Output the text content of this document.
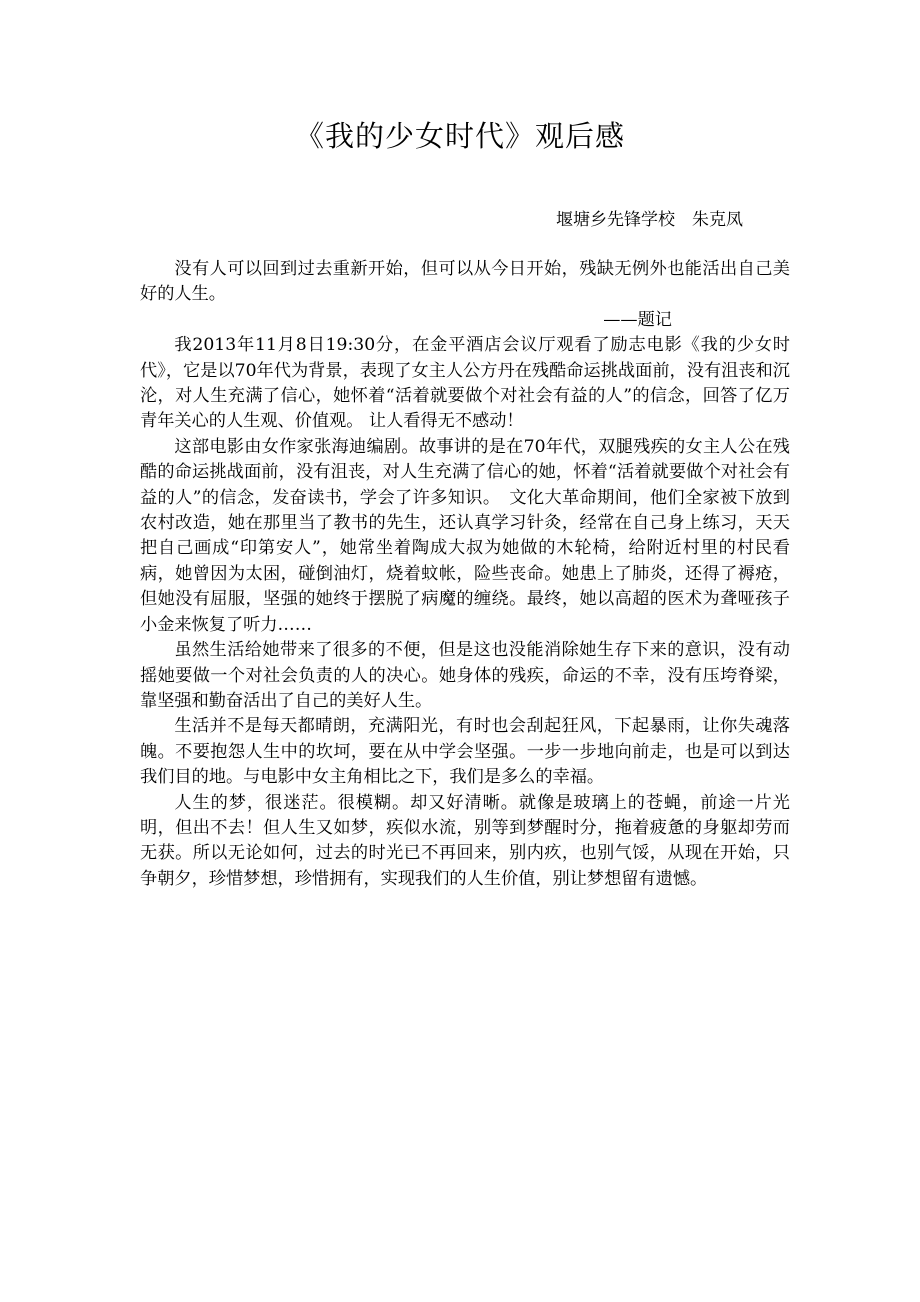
《我的少女时代》观后感
堰塘乡先锋学校　朱克凤

没有人可以回到过去重新开始，但可以从今日开始，残缺无例外也能活出自己美好的人生。

——题记

我2013年11月8日19:30分，在金平酒店会议厅观看了励志电影《我的少女时代》，它是以70年代为背景，表现了女主人公方丹在残酷命运挑战面前，没有沮丧和沉沦，对人生充满了信心，她怀着“活着就要做个对社会有益的人”的信念，回答了亿万青年关心的人生观、价值观。 让人看得无不感动！

这部电影由女作家张海迪编剧。故事讲的是在70年代，双腿残疾的女主人公在残酷的命运挑战面前，没有沮丧，对人生充满了信心的她，怀着“活着就要做个对社会有益的人”的信念，发奋读书，学会了许多知识。　文化大革命期间，他们全家被下放到农村改造，她在那里当了教书的先生，还认真学习针灸，经常在自己身上练习，天天把自己画成“印第安人”，她常坐着陶成大叔为她做的木轮椅，给附近村里的村民看病，她曾因为太困，碰倒油灯，烧着蚊帐，险些丧命。她患上了肺炎，还得了褥疮，但她没有屈服，坚强的她终于摆脱了病魔的缠绕。最终，她以高超的医术为聋哑孩子小金来恢复了听力……

虽然生活给她带来了很多的不便，但是这也没能消除她生存下来的意识，没有动摇她要做一个对社会负责的人的决心。她身体的残疾，命运的不幸，没有压垮脊梁，靠坚强和勤奋活出了自己的美好人生。

生活并不是每天都晴朗，充满阳光，有时也会刮起狂风，下起暴雨，让你失魂落魄。不要抱怨人生中的坎坷，要在从中学会坚强。一步一步地向前走，也是可以到达我们目的地。与电影中女主角相比之下，我们是多么的幸福。

人生的梦，很迷茫。很模糊。却又好清晰。就像是玻璃上的苍蝇，前途一片光明，但出不去！但人生又如梦，疾似水流，别等到梦醒时分，拖着疲惫的身躯却劳而无获。所以无论如何，过去的时光已不再回来，别内疚，也别气馁，从现在开始，只争朝夕，珍惜梦想，珍惜拥有，实现我们的人生价值，别让梦想留有遗憾。
